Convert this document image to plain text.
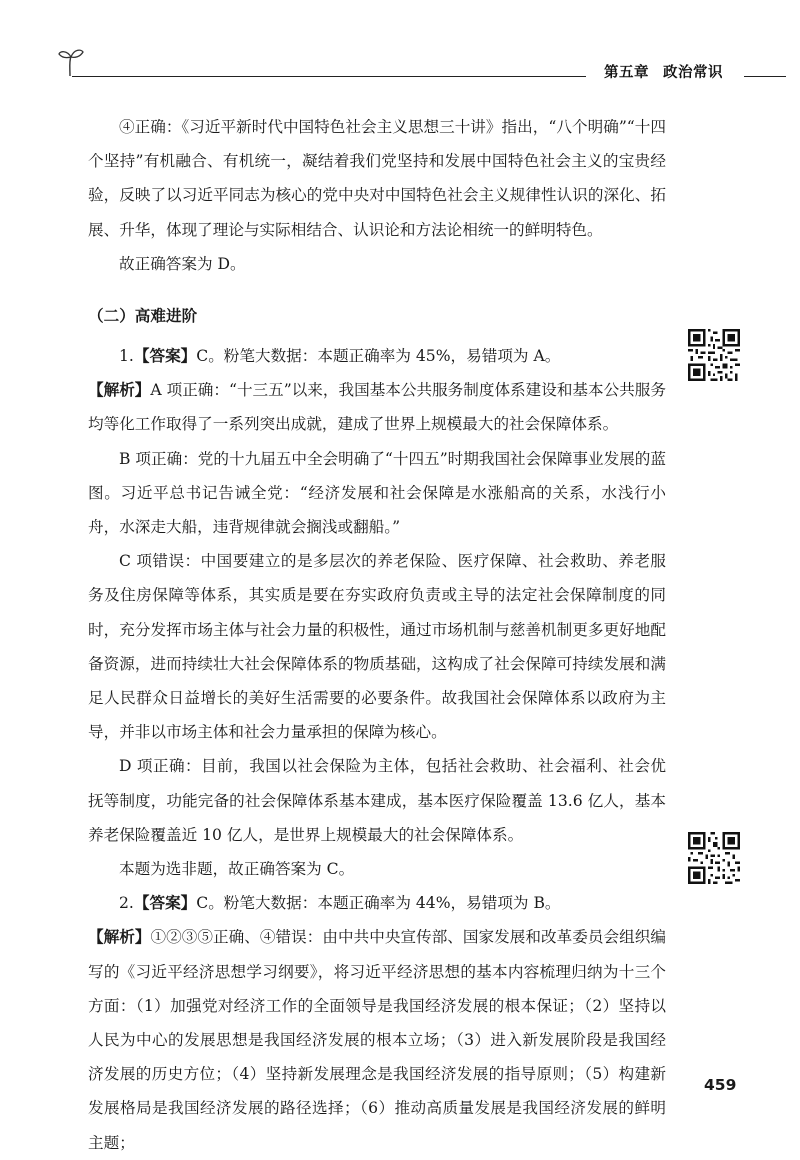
第五章 政治常识

④正确：《习近平新时代中国特色社会主义思想三十讲》指出，“八个明确”“十四个坚持”有机融合、有机统一，凝结着我们党坚持和发展中国特色社会主义的宝贵经验，反映了以习近平同志为核心的党中央对中国特色社会主义规律性认识的深化、拓展、升华，体现了理论与实际相结合、认识论和方法论相统一的鲜明特色。

故正确答案为 D。

（二）高难进阶

1.【答案】C。粉笔大数据：本题正确率为 45%，易错项为 A。

【解析】A 项正确：“十三五”以来，我国基本公共服务制度体系建设和基本公共服务均等化工作取得了一系列突出成就，建成了世界上规模最大的社会保障体系。

B 项正确：党的十九届五中全会明确了“十四五”时期我国社会保障事业发展的蓝图。习近平总书记告诫全党：“经济发展和社会保障是水涨船高的关系，水浅行小舟，水深走大船，违背规律就会搁浅或翻船。”

C 项错误：中国要建立的是多层次的养老保险、医疗保障、社会救助、养老服务及住房保障等体系，其实质是要在夯实政府负责或主导的法定社会保障制度的同时，充分发挥市场主体与社会力量的积极性，通过市场机制与慈善机制更多更好地配备资源，进而持续壮大社会保障体系的物质基础，这构成了社会保障可持续发展和满足人民群众日益增长的美好生活需要的必要条件。故我国社会保障体系以政府为主导，并非以市场主体和社会力量承担的保障为核心。

D 项正确：目前，我国以社会保险为主体，包括社会救助、社会福利、社会优抚等制度，功能完备的社会保障体系基本建成，基本医疗保险覆盖 13.6 亿人，基本养老保险覆盖近 10 亿人，是世界上规模最大的社会保障体系。

本题为选非题，故正确答案为 C。

2.【答案】C。粉笔大数据：本题正确率为 44%，易错项为 B。

【解析】①②③⑤正确、④错误：由中共中央宣传部、国家发展和改革委员会组织编写的《习近平经济思想学习纲要》，将习近平经济思想的基本内容梳理归纳为十三个方面：（1）加强党对经济工作的全面领导是我国经济发展的根本保证；（2）坚持以人民为中心的发展思想是我国经济发展的根本立场；（3）进入新发展阶段是我国经济发展的历史方位；（4）坚持新发展理念是我国经济发展的指导原则；（5）构建新发展格局是我国经济发展的路径选择；（6）推动高质量发展是我国经济发展的鲜明主题；

459
